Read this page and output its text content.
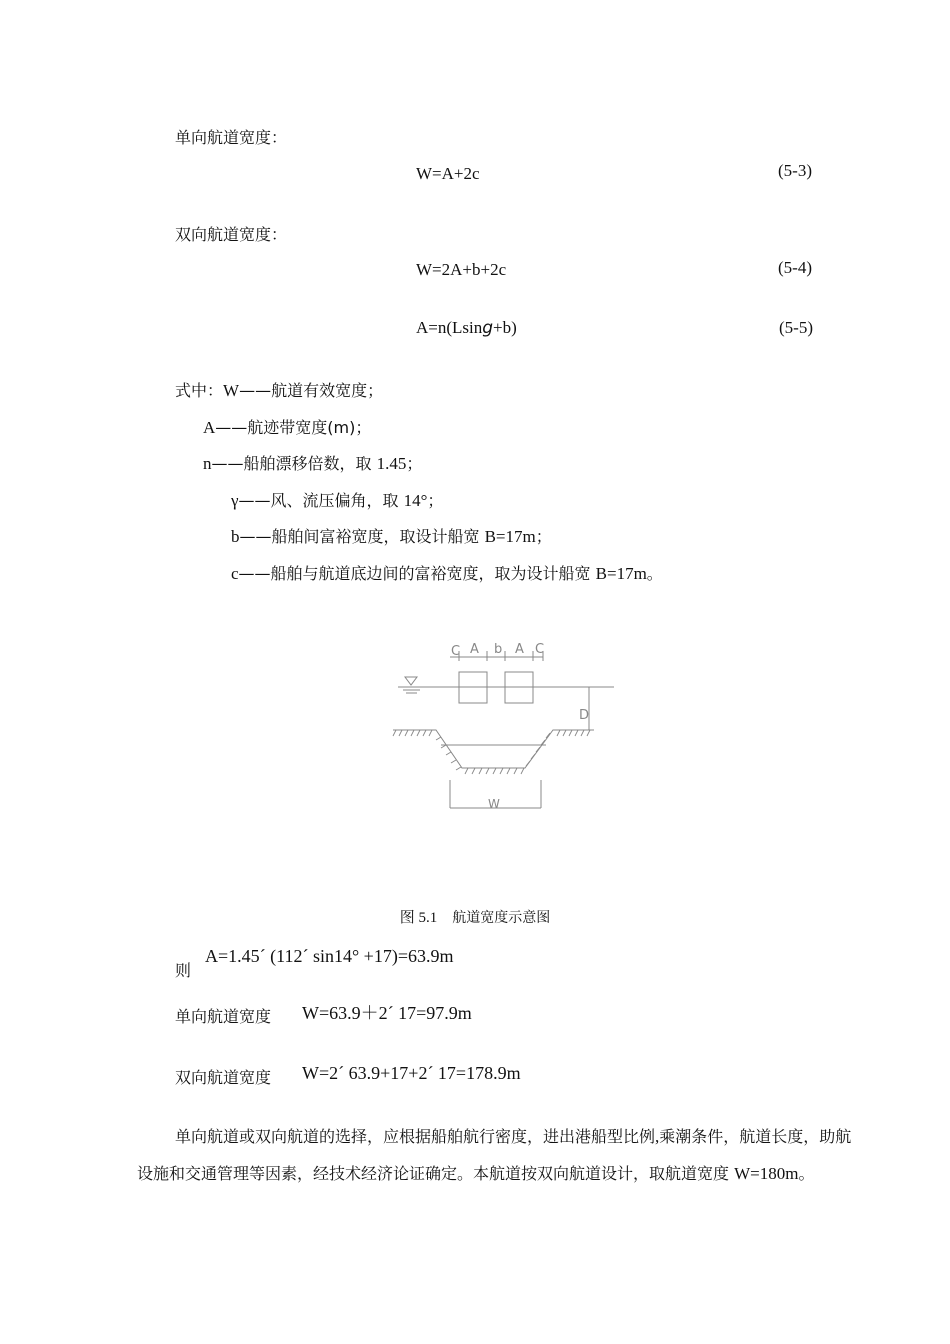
单向航道宽度：
W=A+2c	(5-3)
双向航道宽度：
W=2A+b+2c	(5-4)
A=n(Lsing+b)	(5-5)
式中：W——航道有效宽度；
A——航迹带宽度(m)；
n——船舶漂移倍数，取 1.45；
γ——风、流压偏角，取 14°；
b——船舶间富裕宽度，取设计船宽 B=17m；
c——船舶与航道底边间的富裕宽度，取为设计船宽 B=17m。
C A b A C
D
W
图 5.1 航道宽度示意图
则
A=1.45´ (112´ sin14° +17)=63.9m
单向航道宽度 W=63.9＋2´ 17=97.9m
双向航道宽度 W=2´ 63.9+17+2´ 17=178.9m
单向航道或双向航道的选择，应根据船舶航行密度，进出港船型比例,乘潮条件，航道长度，助航设施和交通管理等因素，经技术经济论证确定。本航道按双向航道设计，取航道宽度 W=180m。
